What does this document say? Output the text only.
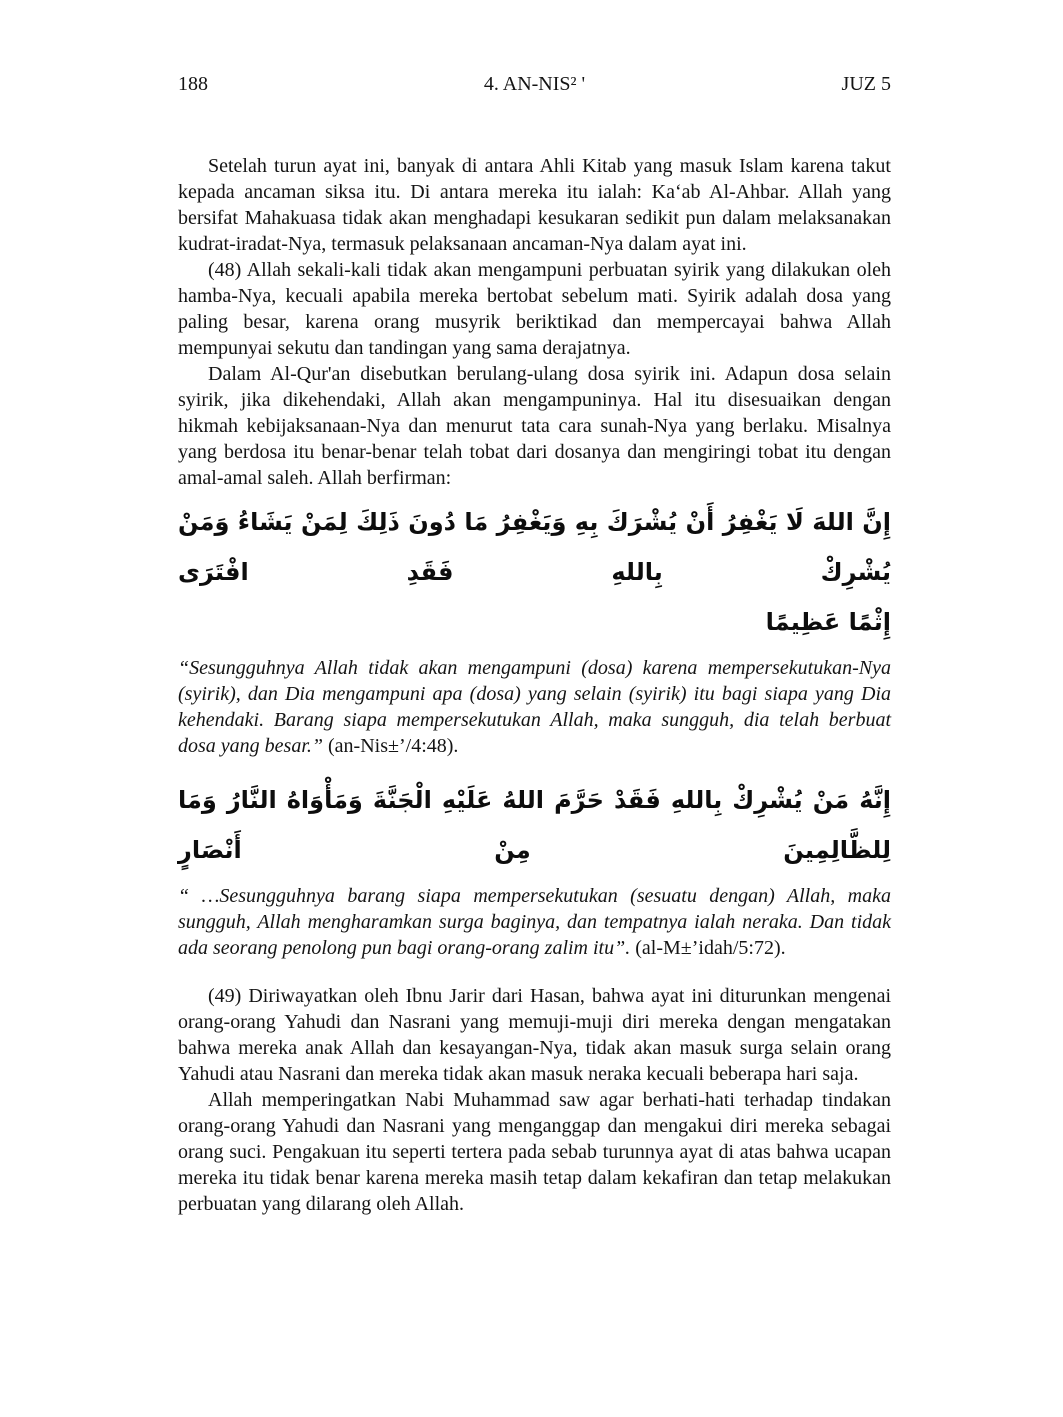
188	4. AN-NIS² '	JUZ 5

Setelah turun ayat ini, banyak di antara Ahli Kitab yang masuk Islam karena takut kepada ancaman siksa itu. Di antara mereka itu ialah: Ka‘ab Al-Ahbar. Allah yang bersifat Mahakuasa tidak akan menghadapi kesukaran sedikit pun dalam melaksanakan kudrat-iradat-Nya, termasuk pelaksanaan ancaman-Nya dalam ayat ini.

(48) Allah sekali-kali tidak akan mengampuni perbuatan syirik yang dilakukan oleh hamba-Nya, kecuali apabila mereka bertobat sebelum mati. Syirik adalah dosa yang paling besar, karena orang musyrik beriktikad dan mempercayai bahwa Allah mempunyai sekutu dan tandingan yang sama derajatnya.

Dalam Al-Qur'an disebutkan berulang-ulang dosa syirik ini. Adapun dosa selain syirik, jika dikehendaki, Allah akan mengampuninya. Hal itu disesuaikan dengan hikmah kebijaksanaan-Nya dan menurut tata cara sunah-Nya yang berlaku. Misalnya yang berdosa itu benar-benar telah tobat dari dosanya dan mengiringi tobat itu dengan amal-amal saleh. Allah berfirman:

إِنَّ اللهَ لَا يَغْفِرُ أَنْ يُشْرَكَ بِهِ وَيَغْفِرُ مَا دُونَ ذَلِكَ لِمَنْ يَشَاءُ وَمَنْ يُشْرِكْ بِاللهِ فَقَدِ افْتَرَى
إِثْمًا عَظِيمًا

“Sesungguhnya Allah tidak akan mengampuni (dosa) karena mempersekutukan-Nya (syirik), dan Dia mengampuni apa (dosa) yang selain (syirik) itu bagi siapa yang Dia kehendaki. Barang siapa mempersekutukan Allah, maka sungguh, dia telah berbuat dosa yang besar.” (an-Nis±’/4:48).

إِنَّهُ مَنْ يُشْرِكْ بِاللهِ فَقَدْ حَرَّمَ اللهُ عَلَيْهِ الْجَنَّةَ وَمَأْوَاهُ النَّارُ وَمَا لِلظَّالِمِينَ مِنْ أَنْصَارٍ

“ …Sesungguhnya barang siapa mempersekutukan (sesuatu dengan) Allah, maka sungguh, Allah mengharamkan surga baginya, dan tempatnya ialah neraka. Dan tidak ada seorang penolong pun bagi orang-orang zalim itu”. (al-M±’idah/5:72).

(49) Diriwayatkan oleh Ibnu Jarir dari Hasan, bahwa ayat ini diturunkan mengenai orang-orang Yahudi dan Nasrani yang memuji-muji diri mereka dengan mengatakan bahwa mereka anak Allah dan kesayangan-Nya, tidak akan masuk surga selain orang Yahudi atau Nasrani dan mereka tidak akan masuk neraka kecuali beberapa hari saja.

Allah memperingatkan Nabi Muhammad saw agar berhati-hati terhadap tindakan orang-orang Yahudi dan Nasrani yang menganggap dan mengakui diri mereka sebagai orang suci. Pengakuan itu seperti tertera pada sebab turunnya ayat di atas bahwa ucapan mereka itu tidak benar karena mereka masih tetap dalam kekafiran dan tetap melakukan perbuatan yang dilarang oleh Allah.
